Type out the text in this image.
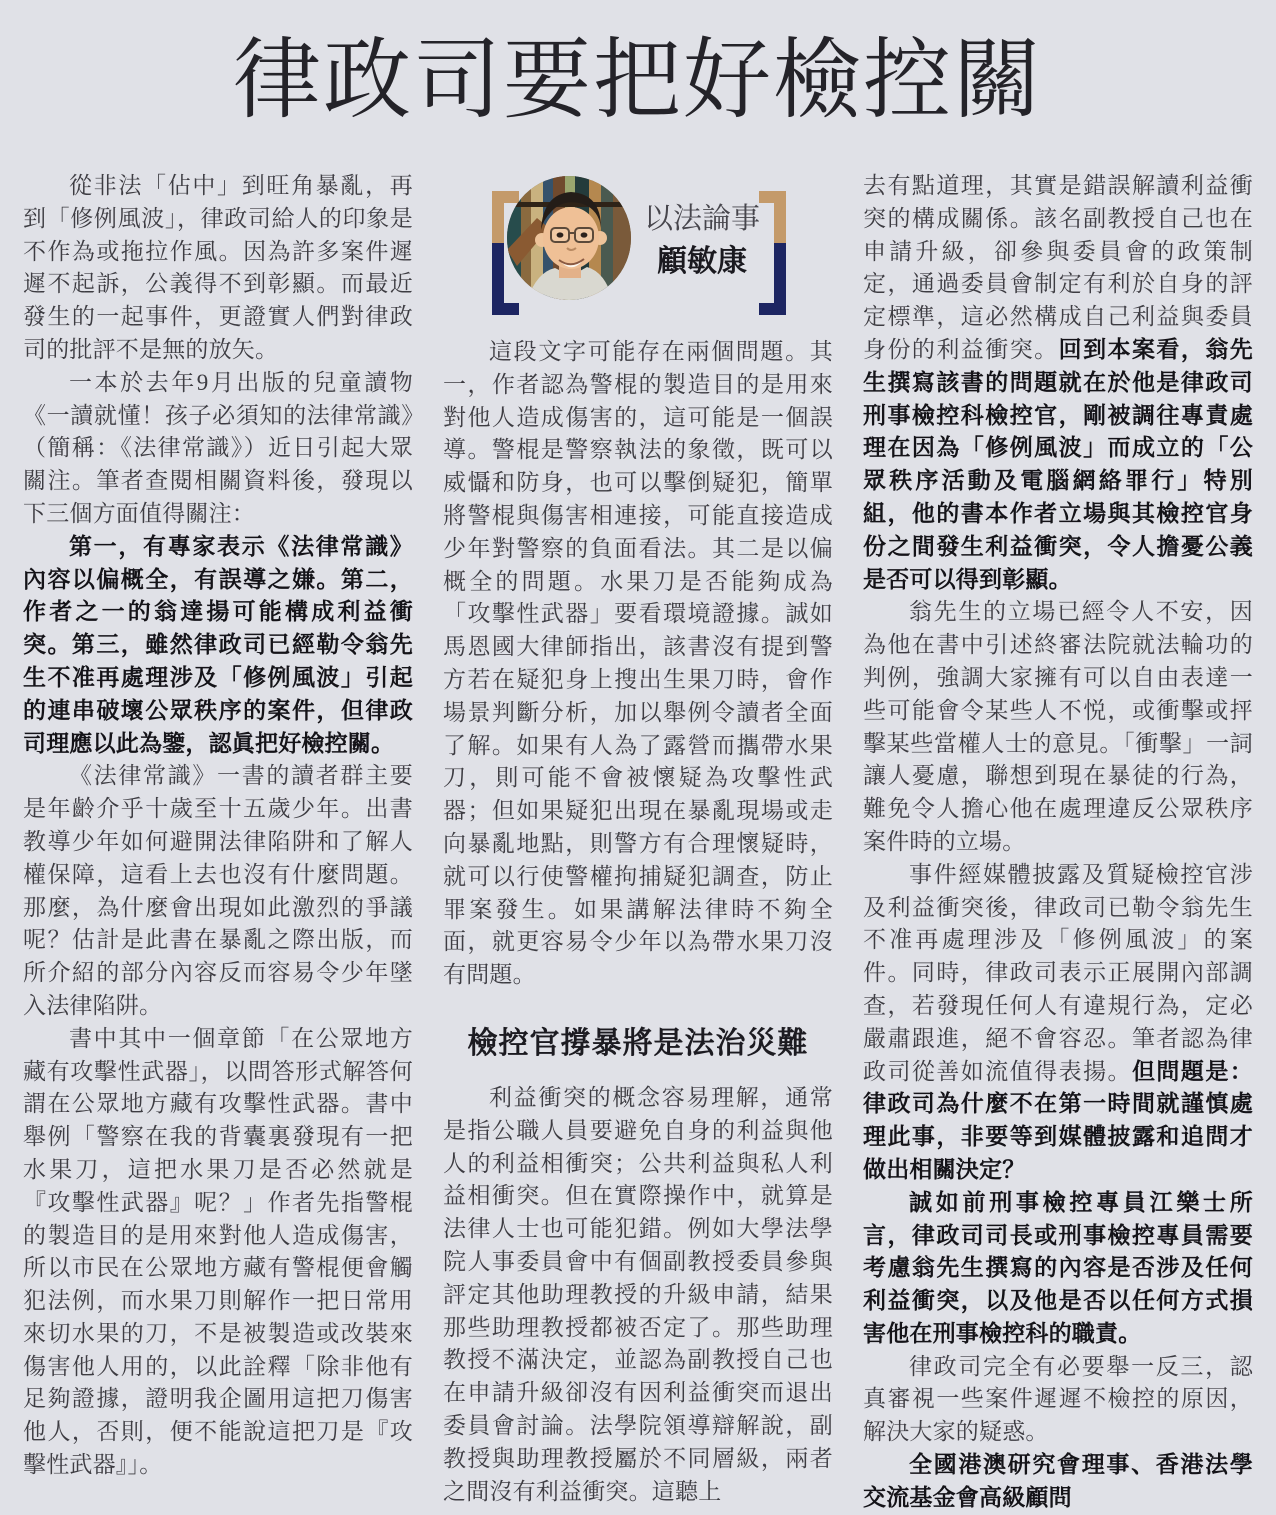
律政司要把好檢控關

從非法「佔中」到旺角暴亂，再到「修例風波」，律政司給人的印象是不作為或拖拉作風。因為許多案件遲遲不起訴，公義得不到彰顯。而最近發生的一起事件，更證實人們對律政司的批評不是無的放矢。

一本於去年9月出版的兒童讀物《一讀就懂！孩子必須知的法律常識》（簡稱：《法律常識》）近日引起大眾關注。筆者查閱相關資料後，發現以下三個方面值得關注：

第一，有專家表示《法律常識》內容以偏概全，有誤導之嫌。第二，作者之一的翁達揚可能構成利益衝突。第三，雖然律政司已經勒令翁先生不准再處理涉及「修例風波」引起的連串破壞公眾秩序的案件，但律政司理應以此為鑒，認眞把好檢控關。

《法律常識》一書的讀者群主要是年齡介乎十歲至十五歲少年。出書教導少年如何避開法律陷阱和了解人權保障，這看上去也沒有什麼問題。那麼，為什麼會出現如此激烈的爭議呢？估計是此書在暴亂之際出版，而所介紹的部分內容反而容易令少年墜入法律陷阱。

書中其中一個章節「在公眾地方藏有攻擊性武器」，以問答形式解答何謂在公眾地方藏有攻擊性武器。書中舉例「警察在我的背囊裏發現有一把水果刀，這把水果刀是否必然就是『攻擊性武器』呢？」作者先指警棍的製造目的是用來對他人造成傷害，所以市民在公眾地方藏有警棍便會觸犯法例，而水果刀則解作一把日常用來切水果的刀，不是被製造或改裝來傷害他人用的，以此詮釋「除非他有足夠證據，證明我企圖用這把刀傷害他人，否則，便不能說這把刀是『攻擊性武器』」。

以法論事
顧敏康

這段文字可能存在兩個問題。其一，作者認為警棍的製造目的是用來對他人造成傷害的，這可能是一個誤導。警棍是警察執法的象徵，既可以威懾和防身，也可以擊倒疑犯，簡單將警棍與傷害相連接，可能直接造成少年對警察的負面看法。其二是以偏概全的問題。水果刀是否能夠成為「攻擊性武器」要看環境證據。誠如馬恩國大律師指出，該書沒有提到警方若在疑犯身上搜出生果刀時，會作場景判斷分析，加以舉例令讀者全面了解。如果有人為了露營而攜帶水果刀，則可能不會被懷疑為攻擊性武器；但如果疑犯出現在暴亂現場或走向暴亂地點，則警方有合理懷疑時，就可以行使警權拘捕疑犯調查，防止罪案發生。如果講解法律時不夠全面，就更容易令少年以為帶水果刀沒有問題。

檢控官撐暴將是法治災難

利益衝突的概念容易理解，通常是指公職人員要避免自身的利益與他人的利益相衝突；公共利益與私人利益相衝突。但在實際操作中，就算是法律人士也可能犯錯。例如大學法學院人事委員會中有個副教授委員參與評定其他助理教授的升級申請，結果那些助理教授都被否定了。那些助理教授不滿決定，並認為副教授自己也在申請升級卻沒有因利益衝突而退出委員會討論。法學院領導辯解說，副教授與助理教授屬於不同層級，兩者之間沒有利益衝突。這聽上

去有點道理，其實是錯誤解讀利益衝突的構成關係。該名副教授自己也在申請升級，卻參與委員會的政策制定，通過委員會制定有利於自身的評定標準，這必然構成自己利益與委員身份的利益衝突。回到本案看，翁先生撰寫該書的問題就在於他是律政司刑事檢控科檢控官，剛被調往專責處理在因為「修例風波」而成立的「公眾秩序活動及電腦網絡罪行」特別組，他的書本作者立場與其檢控官身份之間發生利益衝突，令人擔憂公義是否可以得到彰顯。

翁先生的立場已經令人不安，因為他在書中引述終審法院就法輪功的判例，強調大家擁有可以自由表達一些可能會令某些人不悦，或衝擊或抨擊某些當權人士的意見。「衝擊」一詞讓人憂慮，聯想到現在暴徒的行為，難免令人擔心他在處理違反公眾秩序案件時的立場。

事件經媒體披露及質疑檢控官涉及利益衝突後，律政司已勒令翁先生不准再處理涉及「修例風波」的案件。同時，律政司表示正展開內部調查，若發現任何人有違規行為，定必嚴肅跟進，絕不會容忍。筆者認為律政司從善如流值得表揚。但問題是：律政司為什麼不在第一時間就謹慎處理此事，非要等到媒體披露和追問才做出相關決定？

誠如前刑事檢控專員江樂士所言，律政司司長或刑事檢控專員需要考慮翁先生撰寫的內容是否涉及任何利益衝突，以及他是否以任何方式損害他在刑事檢控科的職責。

律政司完全有必要舉一反三，認真審視一些案件遲遲不檢控的原因，解決大家的疑惑。

全國港澳研究會理事、香港法學交流基金會高級顧問
